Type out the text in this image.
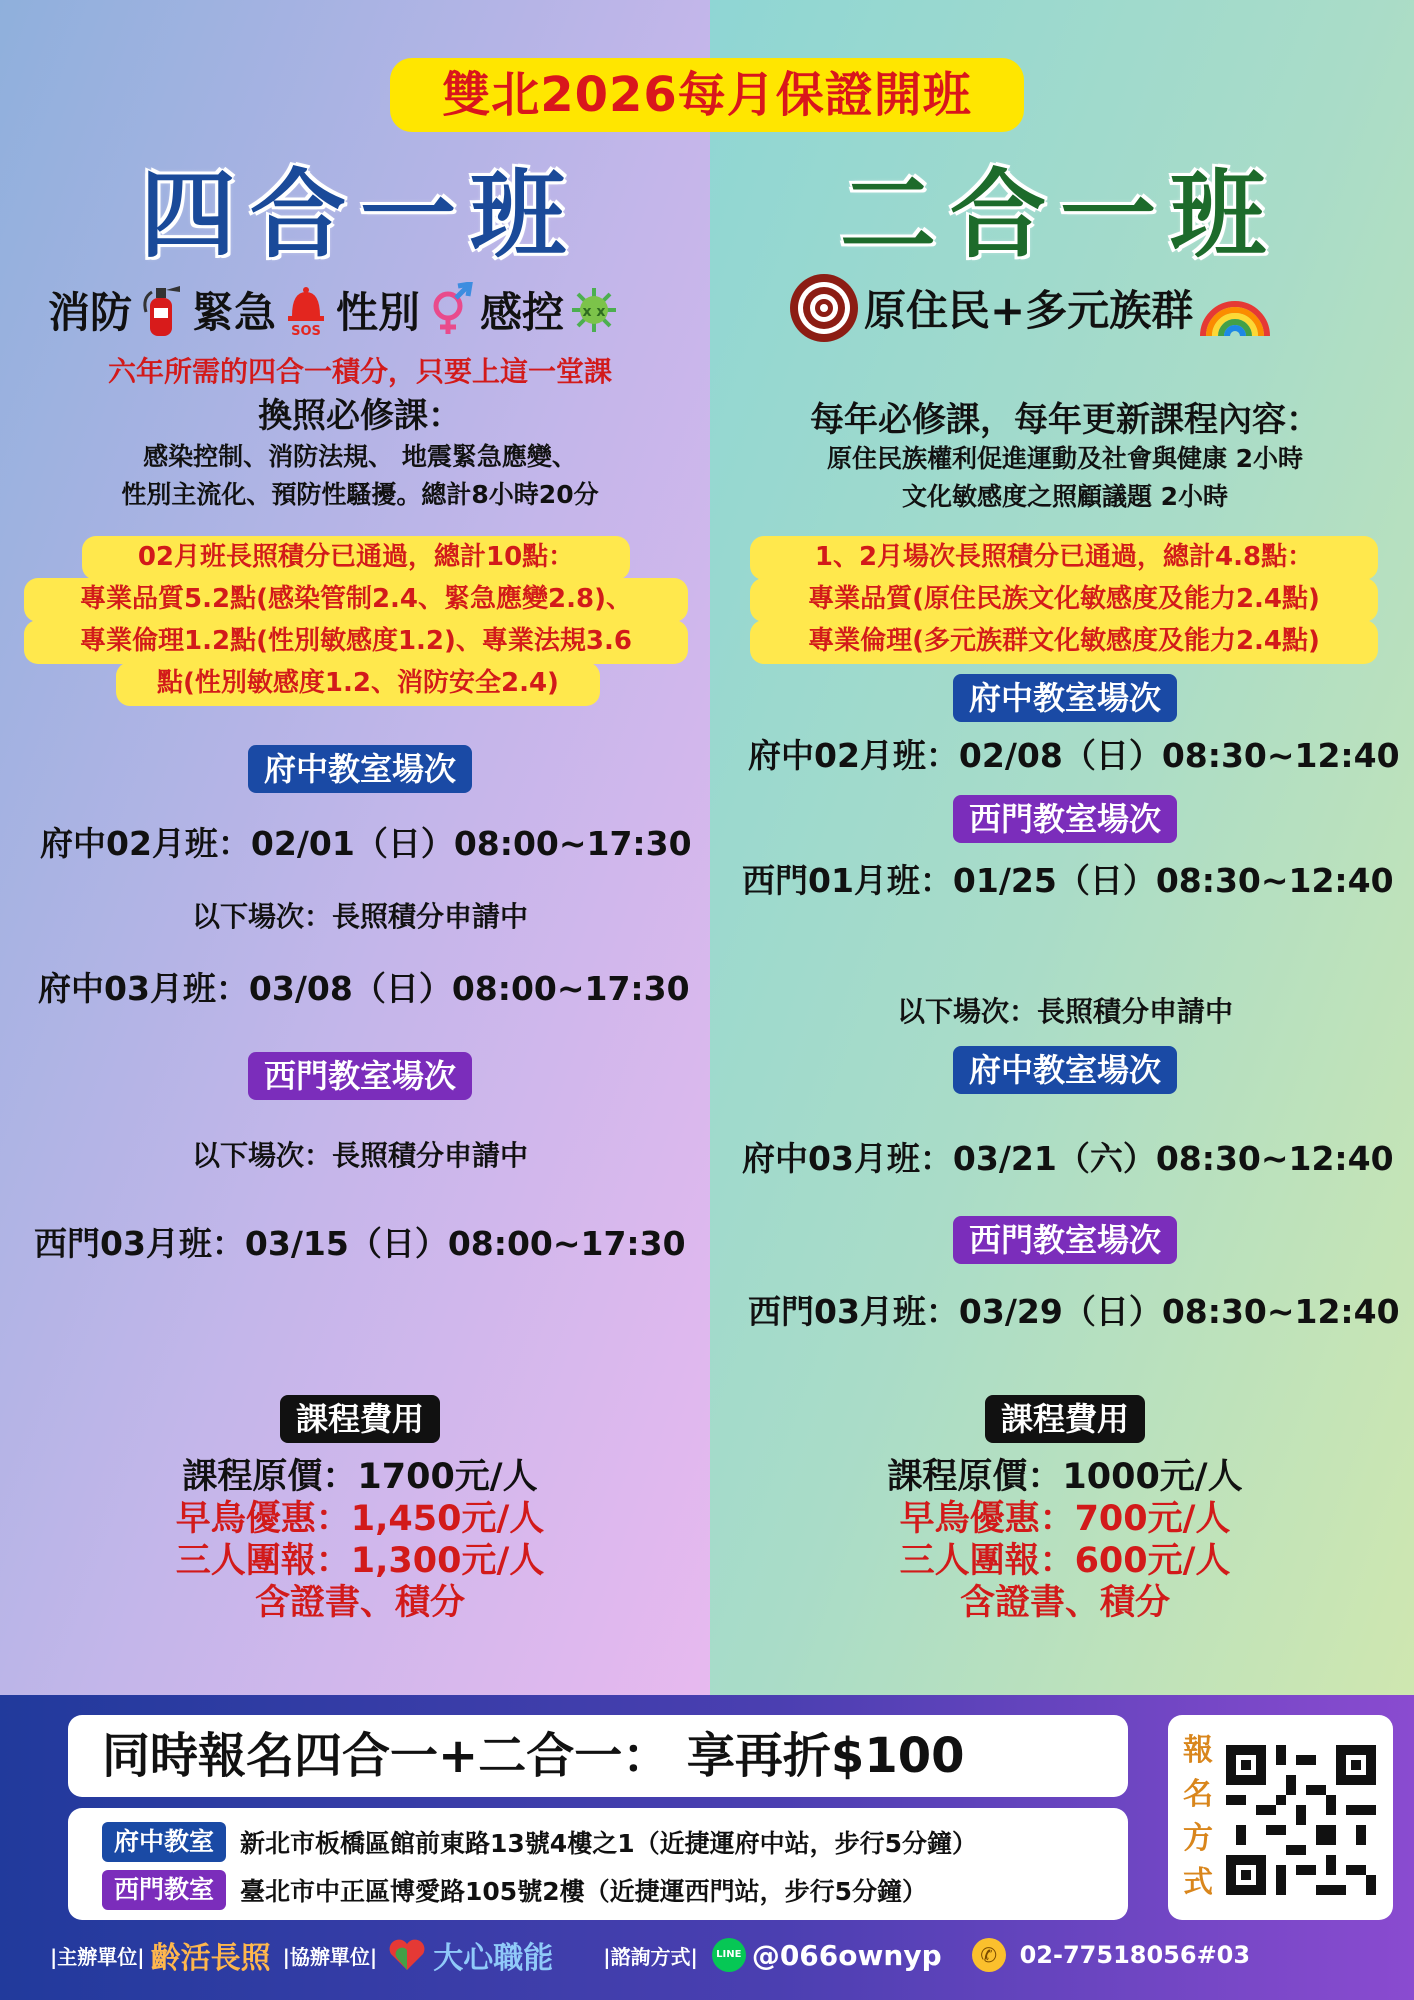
雙北2026每月保證開班
四合一班
消防 緊急 SOS 性別 感控 x x
六年所需的四合一積分，只要上這一堂課
換照必修課：
感染控制、消防法規、 地震緊急應變、
性別主流化、預防性騷擾。總計8小時20分
02月班長照積分已通過，總計10點：
專業品質5.2點(感染管制2.4、緊急應變2.8)、
專業倫理1.2點(性別敏感度1.2)、專業法規3.6
點(性別敏感度1.2、消防安全2.4)
府中教室場次
府中02月班：02/01（日）08:00~17:30
以下場次：長照積分申請中
府中03月班：03/08（日）08:00~17:30
西門教室場次
以下場次：長照積分申請中
西門03月班：03/15（日）08:00~17:30
課程費用
課程原價：1700元/人
早鳥優惠：1,450元/人
三人團報：1,300元/人
含證書、積分
二合一班
原住民+多元族群
每年必修課，每年更新課程內容：
原住民族權利促進運動及社會與健康 2小時
文化敏感度之照顧議題 2小時
1、2月場次長照積分已通過，總計4.8點：
專業品質(原住民族文化敏感度及能力2.4點)
專業倫理(多元族群文化敏感度及能力2.4點)
府中教室場次
府中02月班：02/08（日）08:30~12:40
西門教室場次
西門01月班：01/25（日）08:30~12:40
以下場次：長照積分申請中
府中教室場次
府中03月班：03/21（六）08:30~12:40
西門教室場次
西門03月班：03/29（日）08:30~12:40
課程費用
課程原價：1000元/人
早鳥優惠：700元/人
三人團報：600元/人
含證書、積分
同時報名四合一+二合一： 享再折$100
府中教室	新北市板橋區館前東路13號4樓之1（近捷運府中站，步行5分鐘）
西門教室	臺北市中正區博愛路105號2樓（近捷運西門站，步行5分鐘）
報名方式
|主辦單位| 齡活長照 |協辦單位| 大心職能	|諮詢方式|	LINE @066ownyp	✆ 02-77518056#03
